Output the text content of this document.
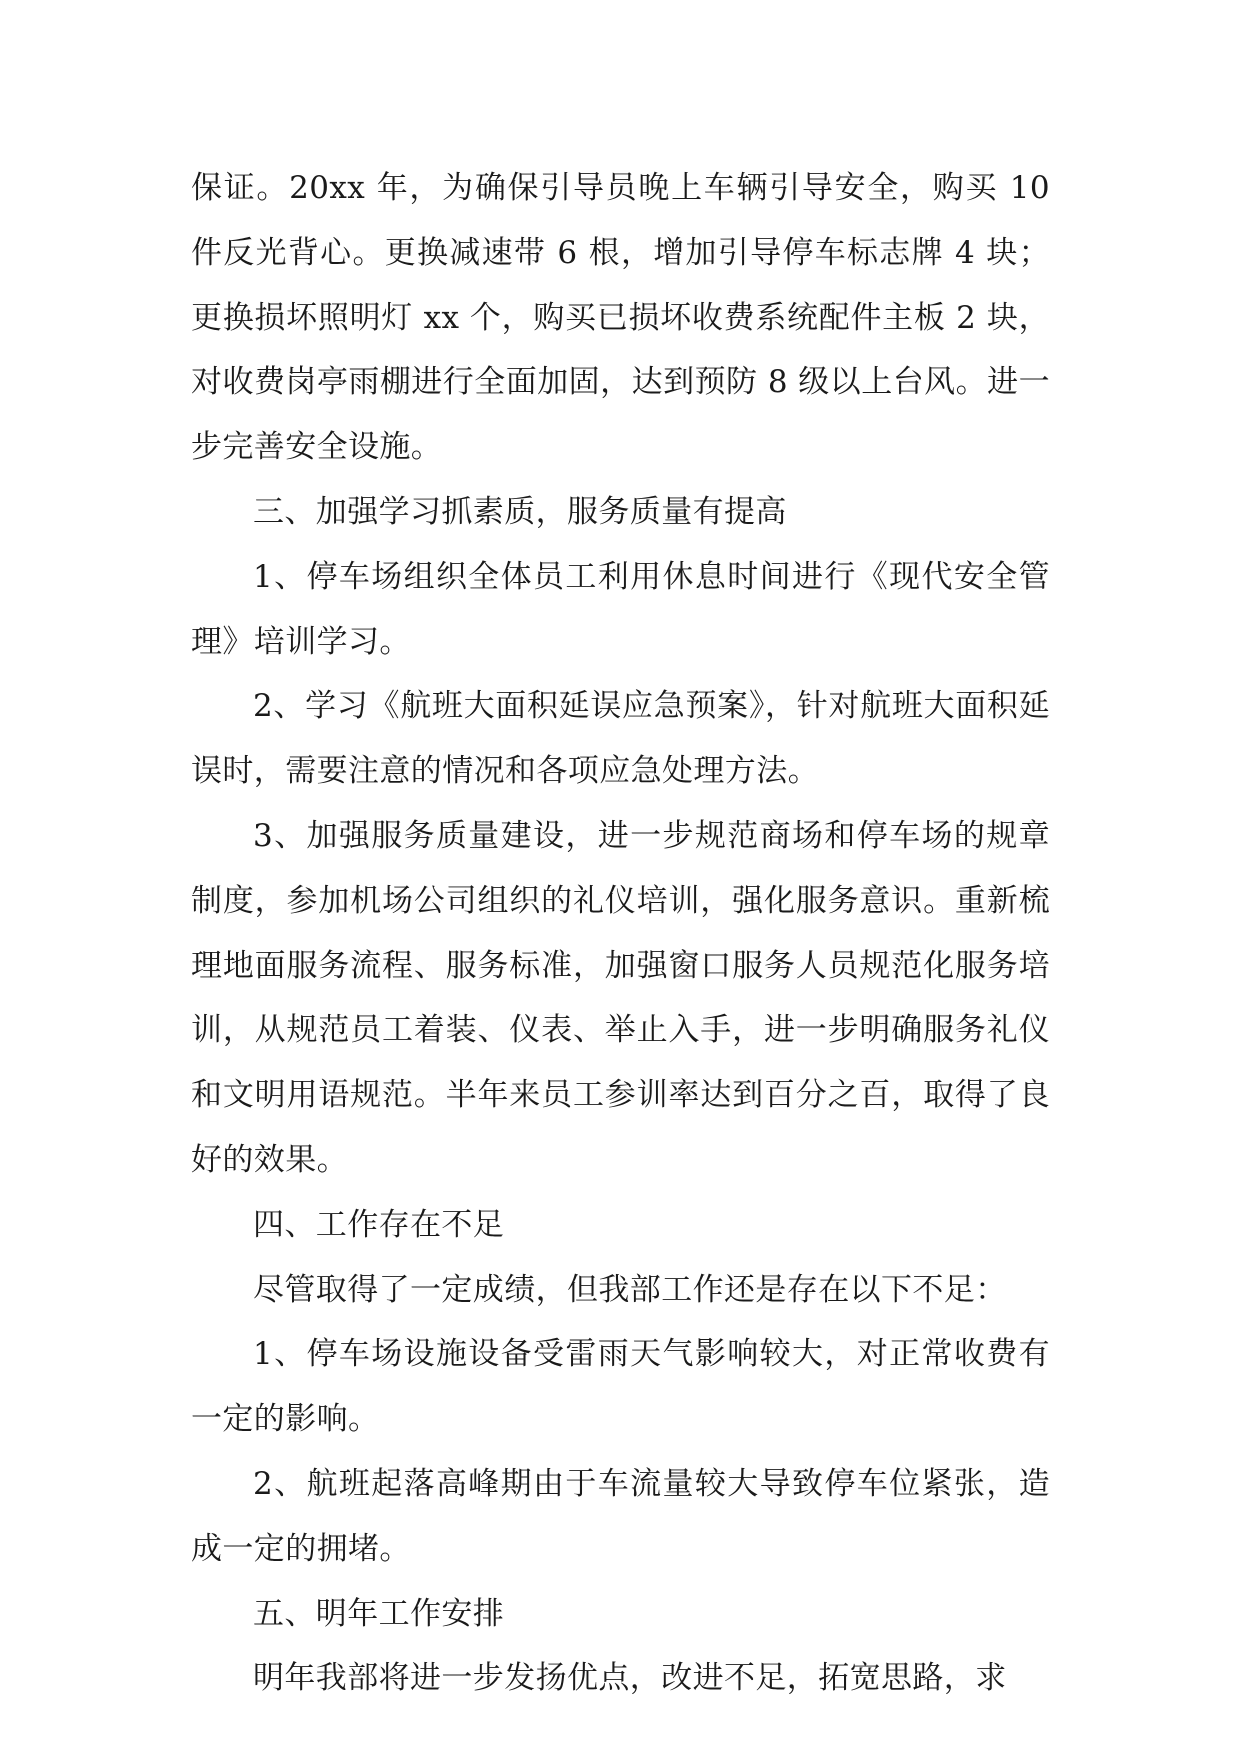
保证。20xx 年，为确保引导员晚上车辆引导安全，购买 10 件反光背心。更换减速带 6 根，增加引导停车标志牌 4 块；更换损坏照明灯 xx 个，购买已损坏收费系统配件主板 2 块，对收费岗亭雨棚进行全面加固，达到预防 8 级以上台风。进一步完善安全设施。

三、加强学习抓素质，服务质量有提高

1、停车场组织全体员工利用休息时间进行《现代安全管理》培训学习。

2、学习《航班大面积延误应急预案》，针对航班大面积延误时，需要注意的情况和各项应急处理方法。

3、加强服务质量建设，进一步规范商场和停车场的规章制度，参加机场公司组织的礼仪培训，强化服务意识。重新梳理地面服务流程、服务标准，加强窗口服务人员规范化服务培训，从规范员工着装、仪表、举止入手，进一步明确服务礼仪和文明用语规范。半年来员工参训率达到百分之百，取得了良好的效果。

四、工作存在不足

尽管取得了一定成绩，但我部工作还是存在以下不足：

1、停车场设施设备受雷雨天气影响较大，对正常收费有一定的影响。

2、航班起落高峰期由于车流量较大导致停车位紧张，造成一定的拥堵。

五、明年工作安排

明年我部将进一步发扬优点，改进不足，拓宽思路，求
